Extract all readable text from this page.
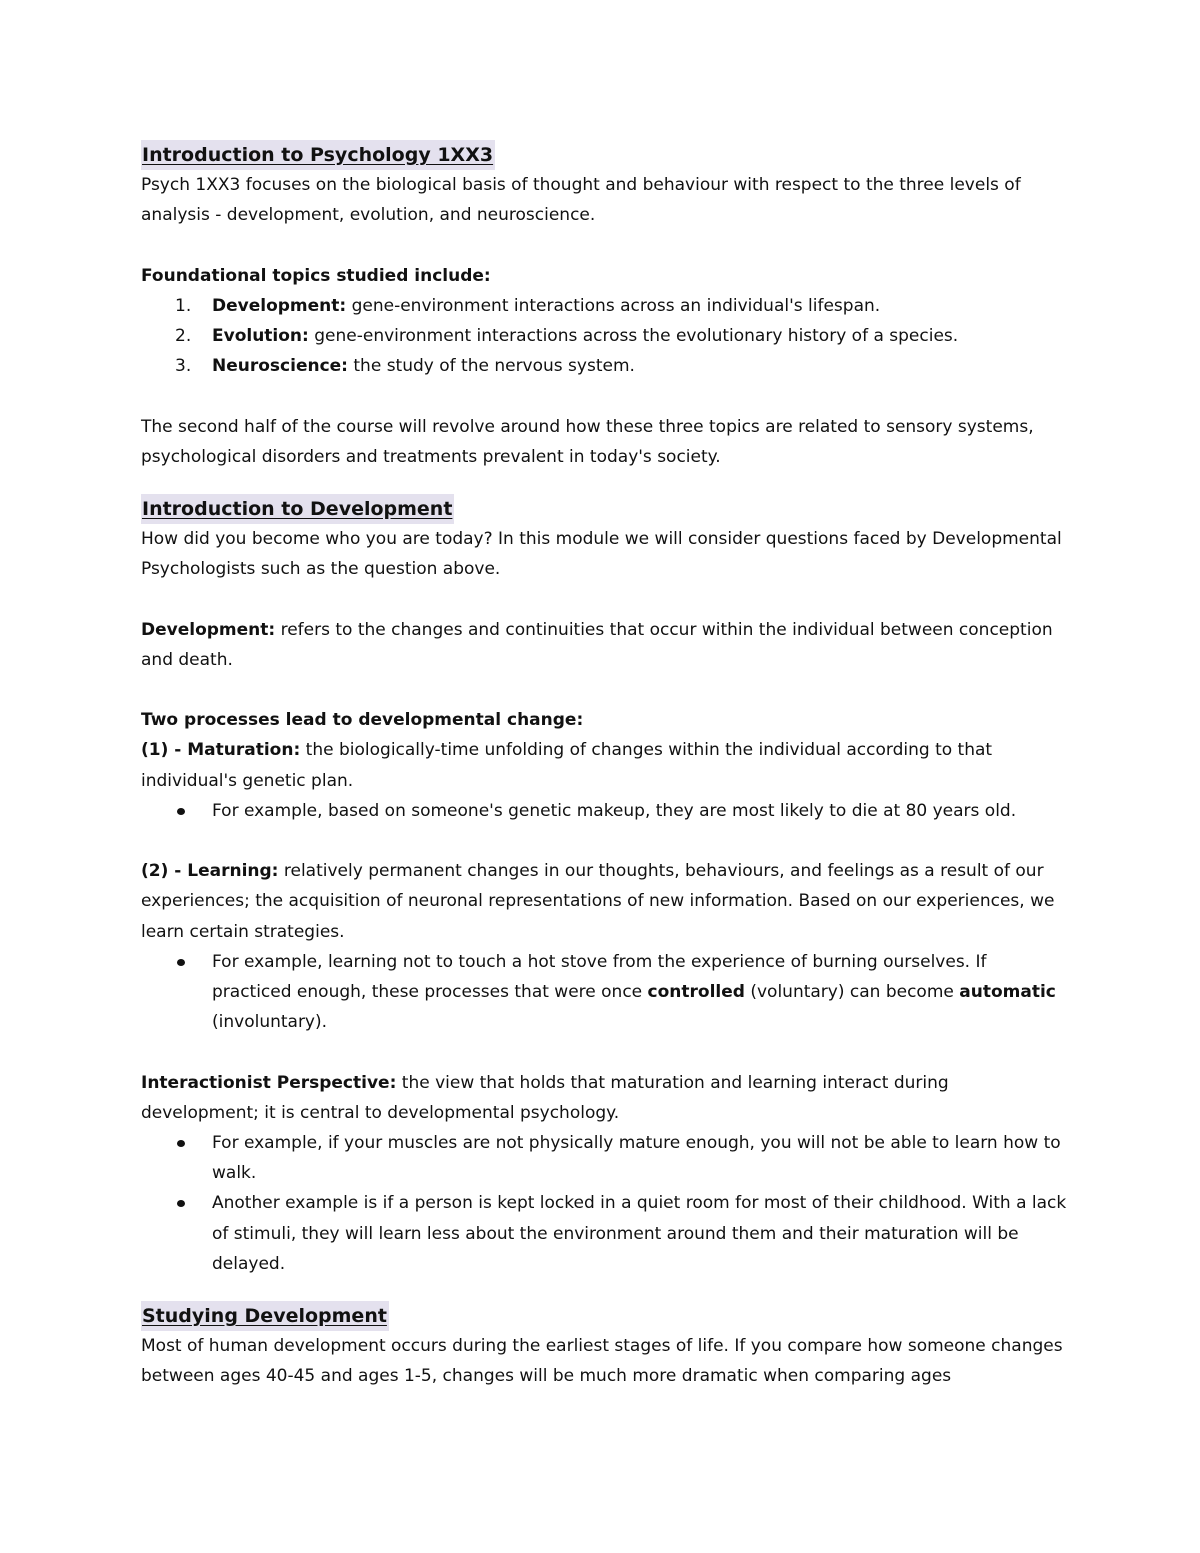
Introduction to Psychology 1XX3

Psych 1XX3 focuses on the biological basis of thought and behaviour with respect to the three levels of analysis - development, evolution, and neuroscience.

Foundational topics studied include:

1. Development: gene-environment interactions across an individual's lifespan.
2. Evolution: gene-environment interactions across the evolutionary history of a species.
3. Neuroscience: the study of the nervous system.

The second half of the course will revolve around how these three topics are related to sensory systems, psychological disorders and treatments prevalent in today's society.

Introduction to Development

How did you become who you are today? In this module we will consider questions faced by Developmental Psychologists such as the question above.

Development: refers to the changes and continuities that occur within the individual between conception and death.

Two processes lead to developmental change:

(1) - Maturation: the biologically-time unfolding of changes within the individual according to that individual's genetic plan.

For example, based on someone's genetic makeup, they are most likely to die at 80 years old.

(2) - Learning: relatively permanent changes in our thoughts, behaviours, and feelings as a result of our experiences; the acquisition of neuronal representations of new information. Based on our experiences, we learn certain strategies.

For example, learning not to touch a hot stove from the experience of burning ourselves. If practiced enough, these processes that were once controlled (voluntary) can become automatic (involuntary).

Interactionist Perspective: the view that holds that maturation and learning interact during development; it is central to developmental psychology.

For example, if your muscles are not physically mature enough, you will not be able to learn how to walk.
Another example is if a person is kept locked in a quiet room for most of their childhood. With a lack of stimuli, they will learn less about the environment around them and their maturation will be delayed.
Studying Development

Most of human development occurs during the earliest stages of life. If you compare how someone changes between ages 40-45 and ages 1-5, changes will be much more dramatic when comparing ages
